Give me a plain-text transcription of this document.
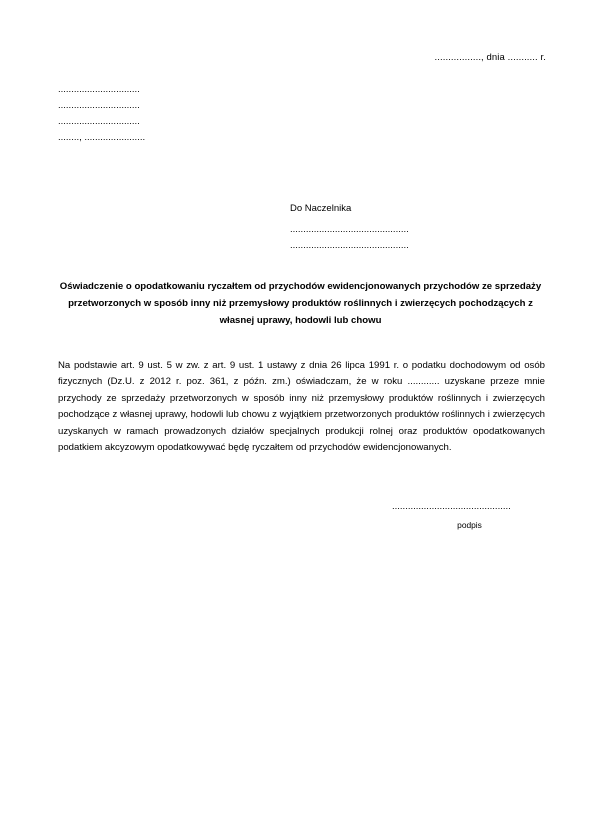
................., dnia ........... r.
...............................
...............................
...............................
........, .......................
Do Naczelnika
.............................................
.............................................
Oświadczenie o opodatkowaniu ryczałtem od przychodów ewidencjonowanych przychodów ze sprzedaży przetworzonych w sposób inny niż przemysłowy produktów roślinnych i zwierzęcych pochodzących z własnej uprawy, hodowli lub chowu
Na podstawie art. 9 ust. 5 w zw. z art. 9 ust. 1 ustawy z dnia 26 lipca 1991 r. o podatku dochodowym od osób fizycznych (Dz.U. z 2012 r. poz. 361, z późn. zm.) oświadczam, że w roku ............ uzyskane przeze mnie przychody ze sprzedaży przetworzonych w sposób inny niż przemysłowy produktów roślinnych i zwierzęcych pochodzące z własnej uprawy, hodowli lub chowu z wyjątkiem przetworzonych produktów roślinnych i zwierzęcych uzyskanych w ramach prowadzonych działów specjalnych produkcji rolnej oraz produktów opodatkowanych podatkiem akcyzowym opodatkowywać będę ryczałtem od przychodów ewidencjonowanych.
.............................................
podpis
